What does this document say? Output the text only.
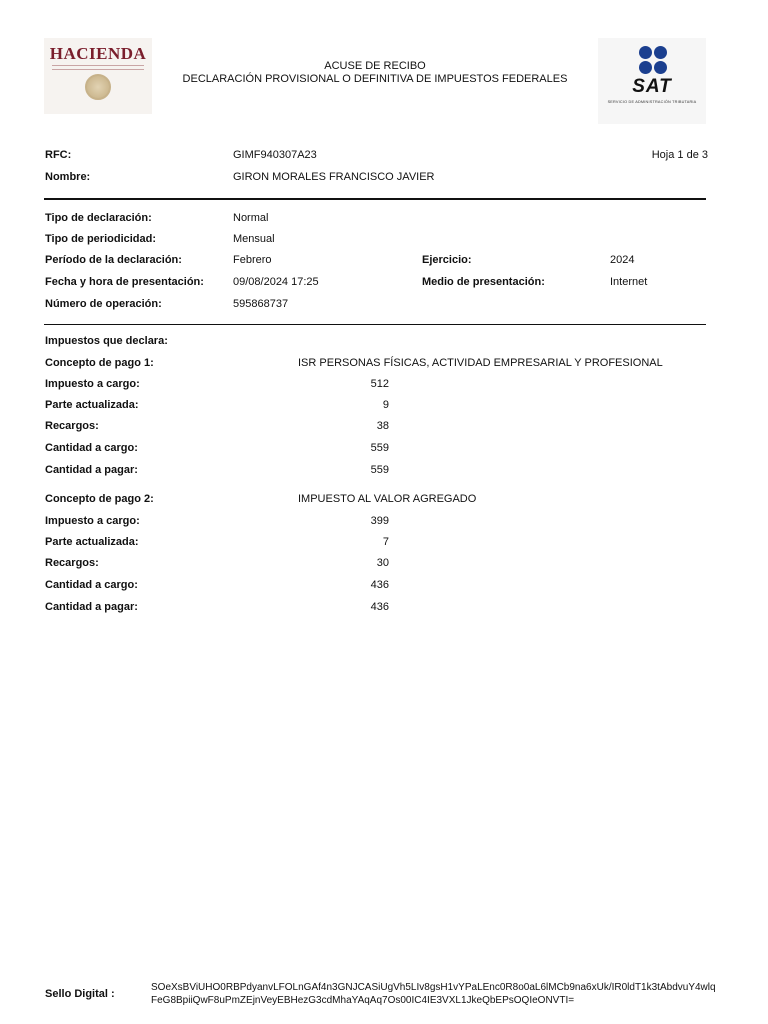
HACIENDA
ACUSE DE RECIBO
DECLARACIÓN PROVISIONAL O DEFINITIVA DE IMPUESTOS FEDERALES	SAT
SERVICIO DE ADMINISTRACIÓN TRIBUTARIA
RFC:	GIMF940307A23	Hoja 1 de 3
Nombre:	GIRON MORALES FRANCISCO JAVIER
Tipo de declaración:	Normal
Tipo de periodicidad:	Mensual
Período de la declaración:	Febrero	Ejercicio:	2024
Fecha y hora de presentación:	09/08/2024 17:25	Medio de presentación:	Internet
Número de operación:	595868737
Impuestos que declara:
Concepto de pago 1:	ISR PERSONAS FÍSICAS, ACTIVIDAD EMPRESARIAL Y PROFESIONAL
Impuesto a cargo:	512
Parte actualizada:	9
Recargos:	38
Cantidad a cargo:	559
Cantidad a pagar:	559
Concepto de pago 2:	IMPUESTO AL VALOR AGREGADO
Impuesto a cargo:	399
Parte actualizada:	7
Recargos:	30
Cantidad a cargo:	436
Cantidad a pagar:	436
Sello Digital :
SOeXsBViUHO0RBPdyanvLFOLnGAf4n3GNJCASiUgVh5LIv8gsH1vYPaLEnc0R8o0aL6lMCb9na6xUk/IR0ldT1k3tAbdvuY4wlq
FeG8BpiiQwF8uPmZEjnVeyEBHezG3cdMhaYAqAq7Os00IC4IE3VXL1JkeQbEPsOQIeONVTI=
